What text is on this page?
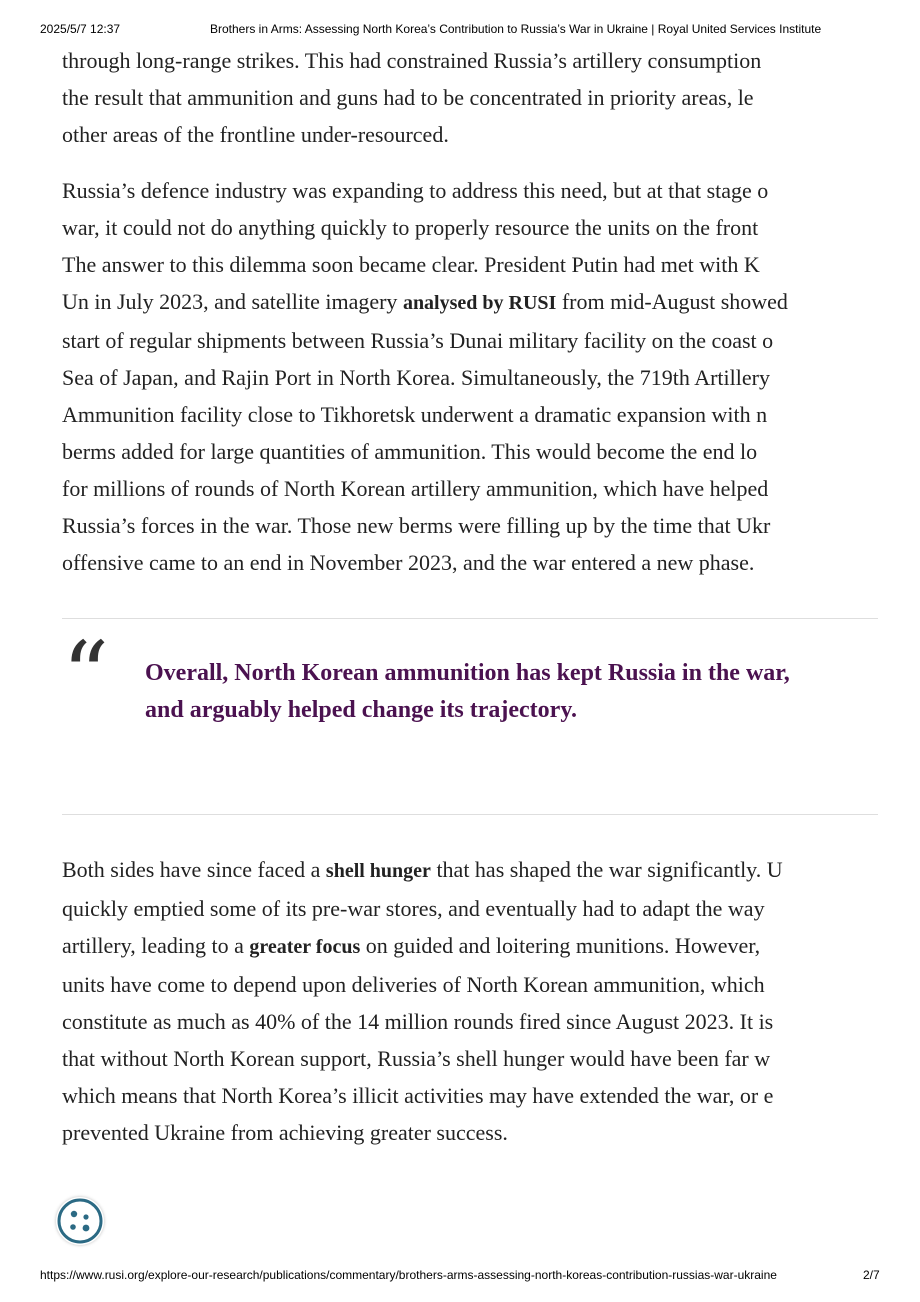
2025/5/7 12:37	Brothers in Arms: Assessing North Korea’s Contribution to Russia’s War in Ukraine | Royal United Services Institute

through long-range strikes. This had constrained Russia’s artillery consumption
the result that ammunition and guns had to be concentrated in priority areas, le
other areas of the frontline under-resourced.

Russia’s defence industry was expanding to address this need, but at that stage o
war, it could not do anything quickly to properly resource the units on the front
The answer to this dilemma soon became clear. President Putin had met with K
Un in July 2023, and satellite imagery analysed by RUSI from mid-August showed
start of regular shipments between Russia’s Dunai military facility on the coast o
Sea of Japan, and Rajin Port in North Korea. Simultaneously, the 719th Artillery
Ammunition facility close to Tikhoretsk underwent a dramatic expansion with n
berms added for large quantities of ammunition. This would become the end lo
for millions of rounds of North Korean artillery ammunition, which have helped
Russia’s forces in the war. Those new berms were filling up by the time that Ukr
offensive came to an end in November 2023, and the war entered a new phase.

“ Overall, North Korean ammunition has kept Russia in the war,
and arguably helped change its trajectory.

Both sides have since faced a shell hunger that has shaped the war significantly. U
quickly emptied some of its pre-war stores, and eventually had to adapt the way
artillery, leading to a greater focus on guided and loitering munitions. However,
units have come to depend upon deliveries of North Korean ammunition, which
constitute as much as 40% of the 14 million rounds fired since August 2023. It is
that without North Korean support, Russia’s shell hunger would have been far w
which means that North Korea’s illicit activities may have extended the war, or e
prevented Ukraine from achieving greater success.

https://www.rusi.org/explore-our-research/publications/commentary/brothers-arms-assessing-north-koreas-contribution-russias-war-ukraine	2/7
